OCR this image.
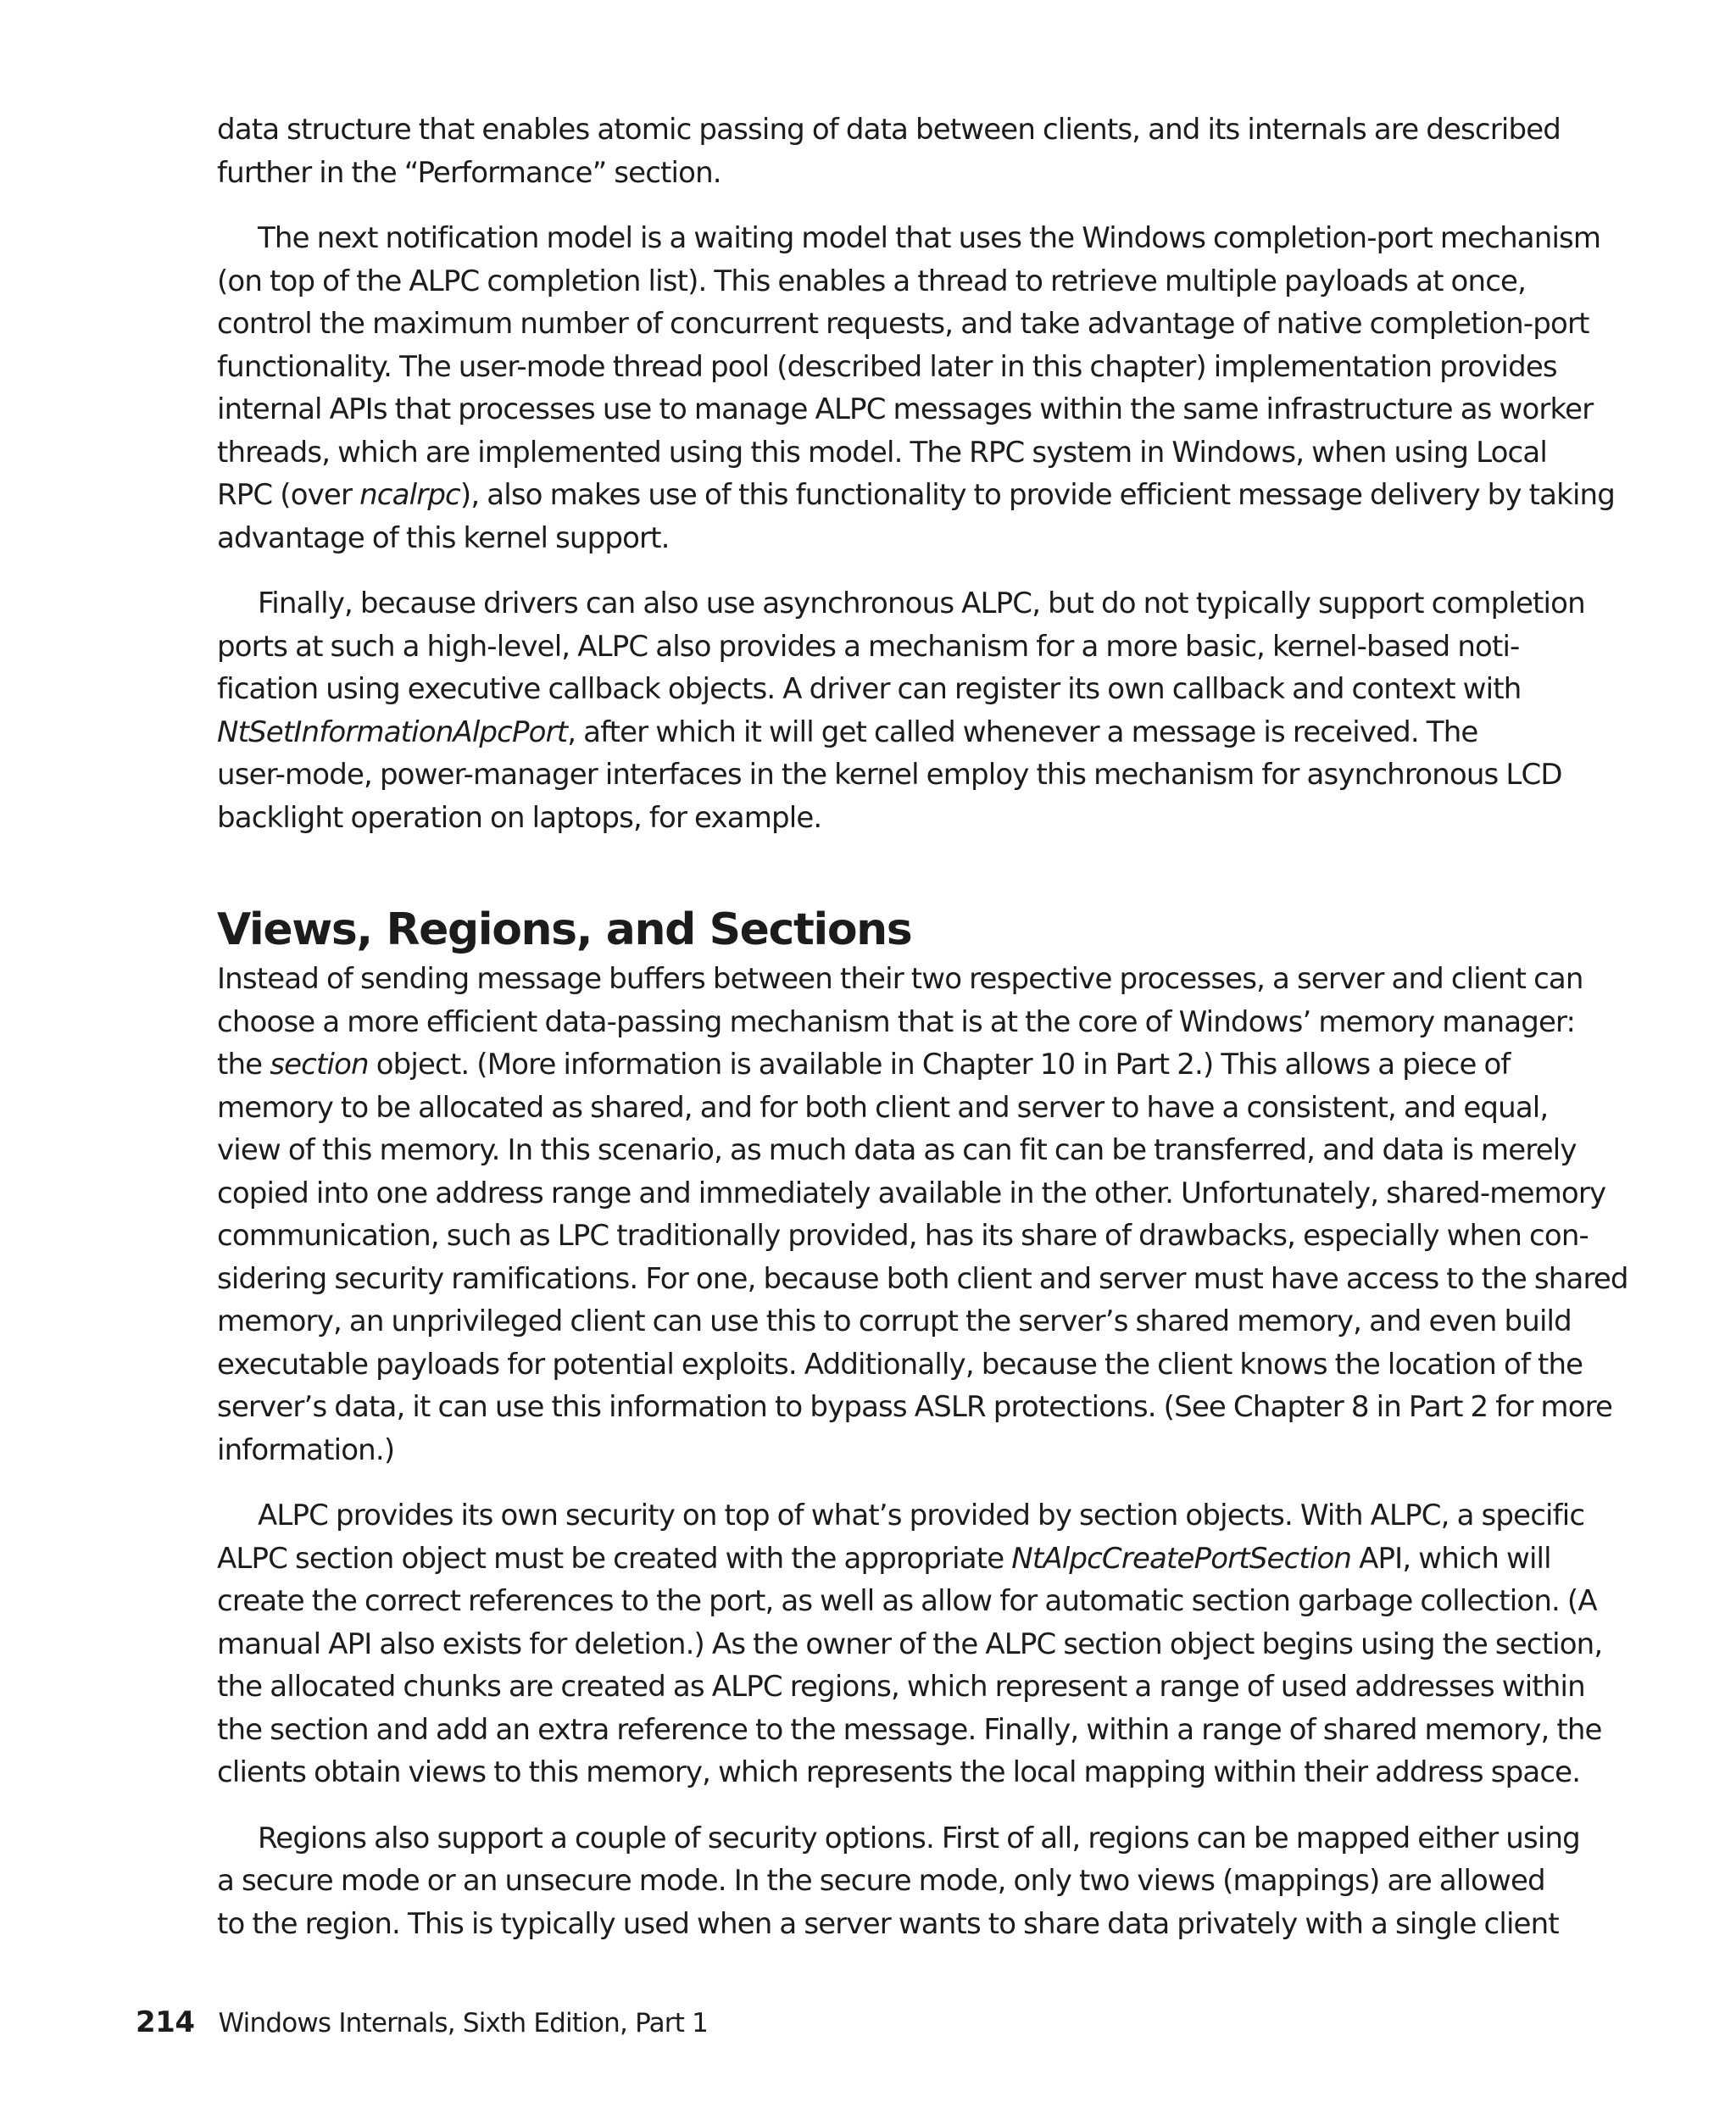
data structure that enables atomic passing of data between clients, and its internals are described
further in the “Performance” section.

The next notification model is a waiting model that uses the Windows completion-port mechanism
(on top of the ALPC completion list). This enables a thread to retrieve multiple payloads at once,
control the maximum number of concurrent requests, and take advantage of native completion-port
functionality. The user-mode thread pool (described later in this chapter) implementation provides
internal APIs that processes use to manage ALPC messages within the same infrastructure as worker
threads, which are implemented using this model. The RPC system in Windows, when using Local
RPC (over ncalrpc), also makes use of this functionality to provide efficient message delivery by taking
advantage of this kernel support.

Finally, because drivers can also use asynchronous ALPC, but do not typically support completion
ports at such a high-level, ALPC also provides a mechanism for a more basic, kernel-based noti-
fication using executive callback objects. A driver can register its own callback and context with
NtSetInformationAlpcPort, after which it will get called whenever a message is received. The
user-mode, power-manager interfaces in the kernel employ this mechanism for asynchronous LCD
backlight operation on laptops, for example.

Views, Regions, and Sections

Instead of sending message buffers between their two respective processes, a server and client can
choose a more efficient data-passing mechanism that is at the core of Windows’ memory manager:
the section object. (More information is available in Chapter 10 in Part 2.) This allows a piece of
memory to be allocated as shared, and for both client and server to have a consistent, and equal,
view of this memory. In this scenario, as much data as can fit can be transferred, and data is merely
copied into one address range and immediately available in the other. Unfortunately, shared-memory
communication, such as LPC traditionally provided, has its share of drawbacks, especially when con-
sidering security ramifications. For one, because both client and server must have access to the shared
memory, an unprivileged client can use this to corrupt the server’s shared memory, and even build
executable payloads for potential exploits. Additionally, because the client knows the location of the
server’s data, it can use this information to bypass ASLR protections. (See Chapter 8 in Part 2 for more
information.)

ALPC provides its own security on top of what’s provided by section objects. With ALPC, a specific
ALPC section object must be created with the appropriate NtAlpcCreatePortSection API, which will
create the correct references to the port, as well as allow for automatic section garbage collection. (A
manual API also exists for deletion.) As the owner of the ALPC section object begins using the section,
the allocated chunks are created as ALPC regions, which represent a range of used addresses within
the section and add an extra reference to the message. Finally, within a range of shared memory, the
clients obtain views to this memory, which represents the local mapping within their address space.

Regions also support a couple of security options. First of all, regions can be mapped either using
a secure mode or an unsecure mode. In the secure mode, only two views (mappings) are allowed
to the region. This is typically used when a server wants to share data privately with a single client

214 Windows Internals, Sixth Edition, Part 1
